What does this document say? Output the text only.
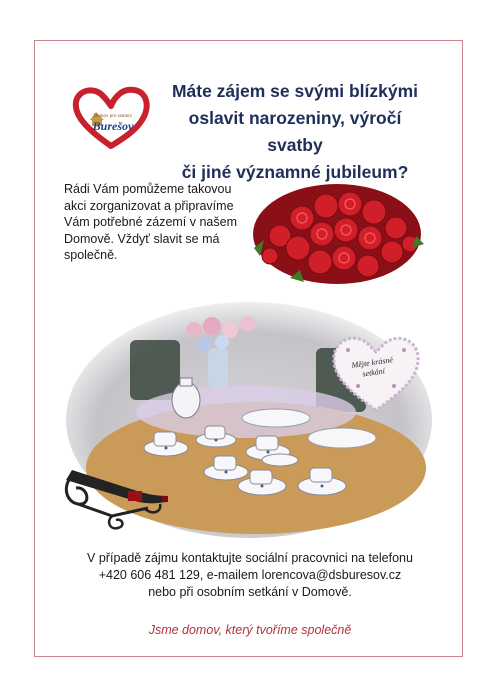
Domov pro seniory
Burešov
Máte zájem se svými blízkými
oslavit narozeniny, výročí svatby
či jiné významné jubileum?
Rádi Vám pomůžeme takovou
akci zorganizovat a připravíme
Vám potřebné zázemí v našem
Domově. Vždyť slavit se má
společně.
Mějte krásné
setkání
V případě zájmu kontaktujte sociální pracovnici na telefonu
+420 606 481 129, e-mailem lorencova@dsburesov.cz
nebo při osobním setkání v Domově.
Jsme domov, který tvoříme společně
